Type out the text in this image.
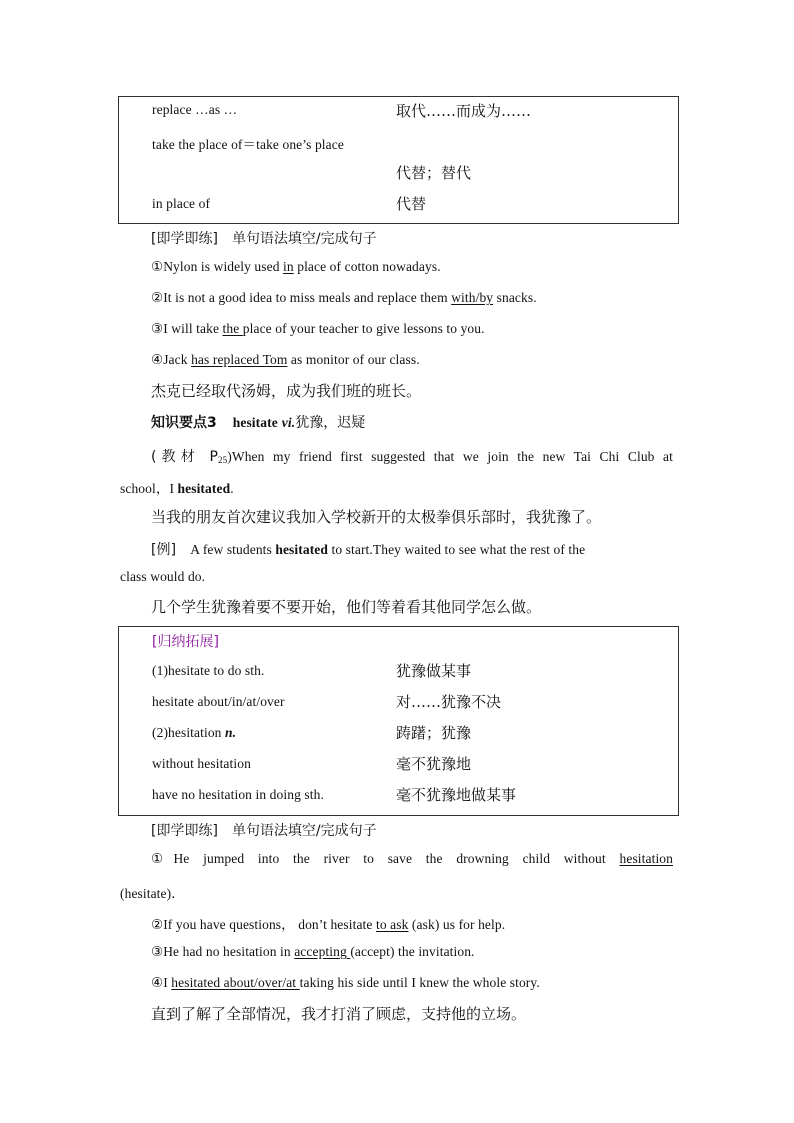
replace …as …	取代……而成为……
take the place of＝take one’s place
代替；替代
in place of	代替
[即学即练] 单句语法填空/完成句子
①Nylon is widely used in place of cotton nowadays.
②It is not a good idea to miss meals and replace them with/by snacks.
③I will take the place of your teacher to give lessons to you.
④Jack has replaced Tom as monitor of our class.
杰克已经取代汤姆，成为我们班的班长。
知识要点3 hesitate vi.犹豫，迟疑
(教材 $P_{25})When$ my friend first suggested that we join the new Tai Chi Club at
school，I hesitated.
当我的朋友首次建议我加入学校新开的太极拳俱乐部时，我犹豫了。
[例] A few students hesitated to start.They waited to see what the rest of the
class would do.
几个学生犹豫着要不要开始，他们等着看其他同学怎么做。
[归纳拓展]
(1)hesitate to do sth.	犹豫做某事
hesitate about/in/at/over	对……犹豫不决
(2)hesitation n.	踌躇；犹豫
without hesitation	毫不犹豫地
have no hesitation in doing sth.	毫不犹豫地做某事
[即学即练] 单句语法填空/完成句子
①He jumped into the river to save the drowning child without hesitation
(hesitate)．
②If you have questions， don’t hesitate to ask (ask) us for help.
③He had no hesitation in accepting (accept) the invitation.
④I hesitated about/over/at taking his side until I knew the whole story.
直到了解了全部情况，我才打消了顾虑，支持他的立场。
